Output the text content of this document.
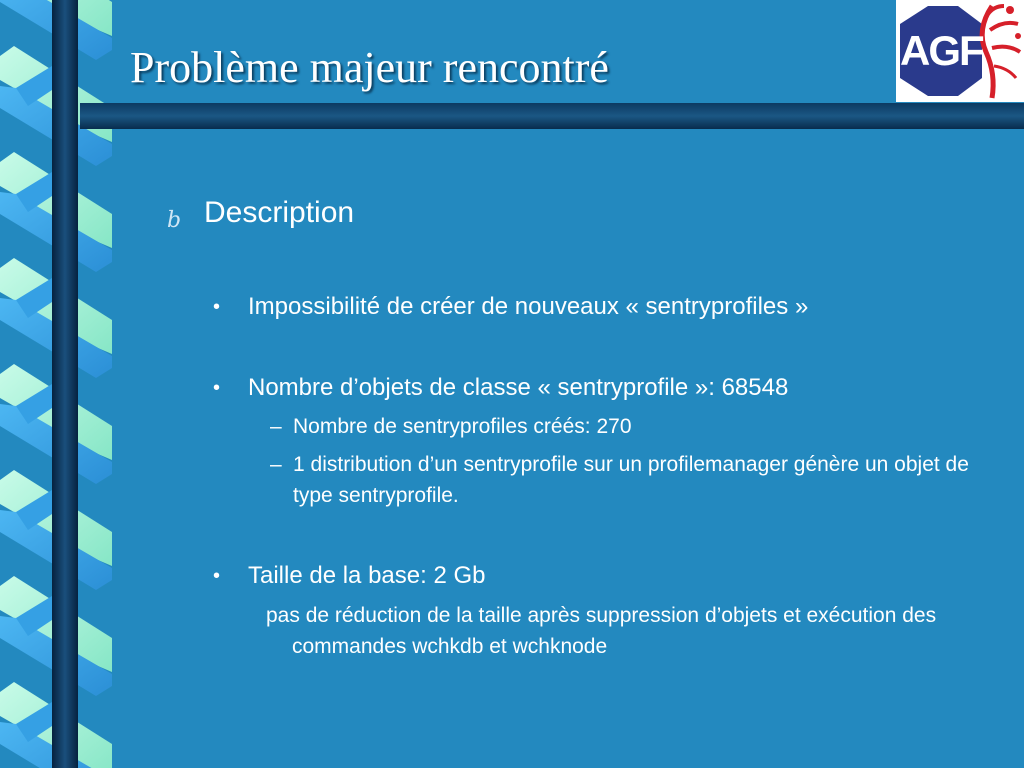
Problème majeur rencontré	AGF
b Description
• Impossibilité de créer de nouveaux « sentryprofiles »
• Nombre d’objets de classe « sentryprofile »: 68548
– Nombre de sentryprofiles créés: 270
– 1 distribution d’un sentryprofile sur un profilemanager génère un objet de type sentryprofile.
• Taille de la base: 2 Gb
pas de réduction de la taille après suppression d’objets et exécution des commandes wchkdb et wchknode
